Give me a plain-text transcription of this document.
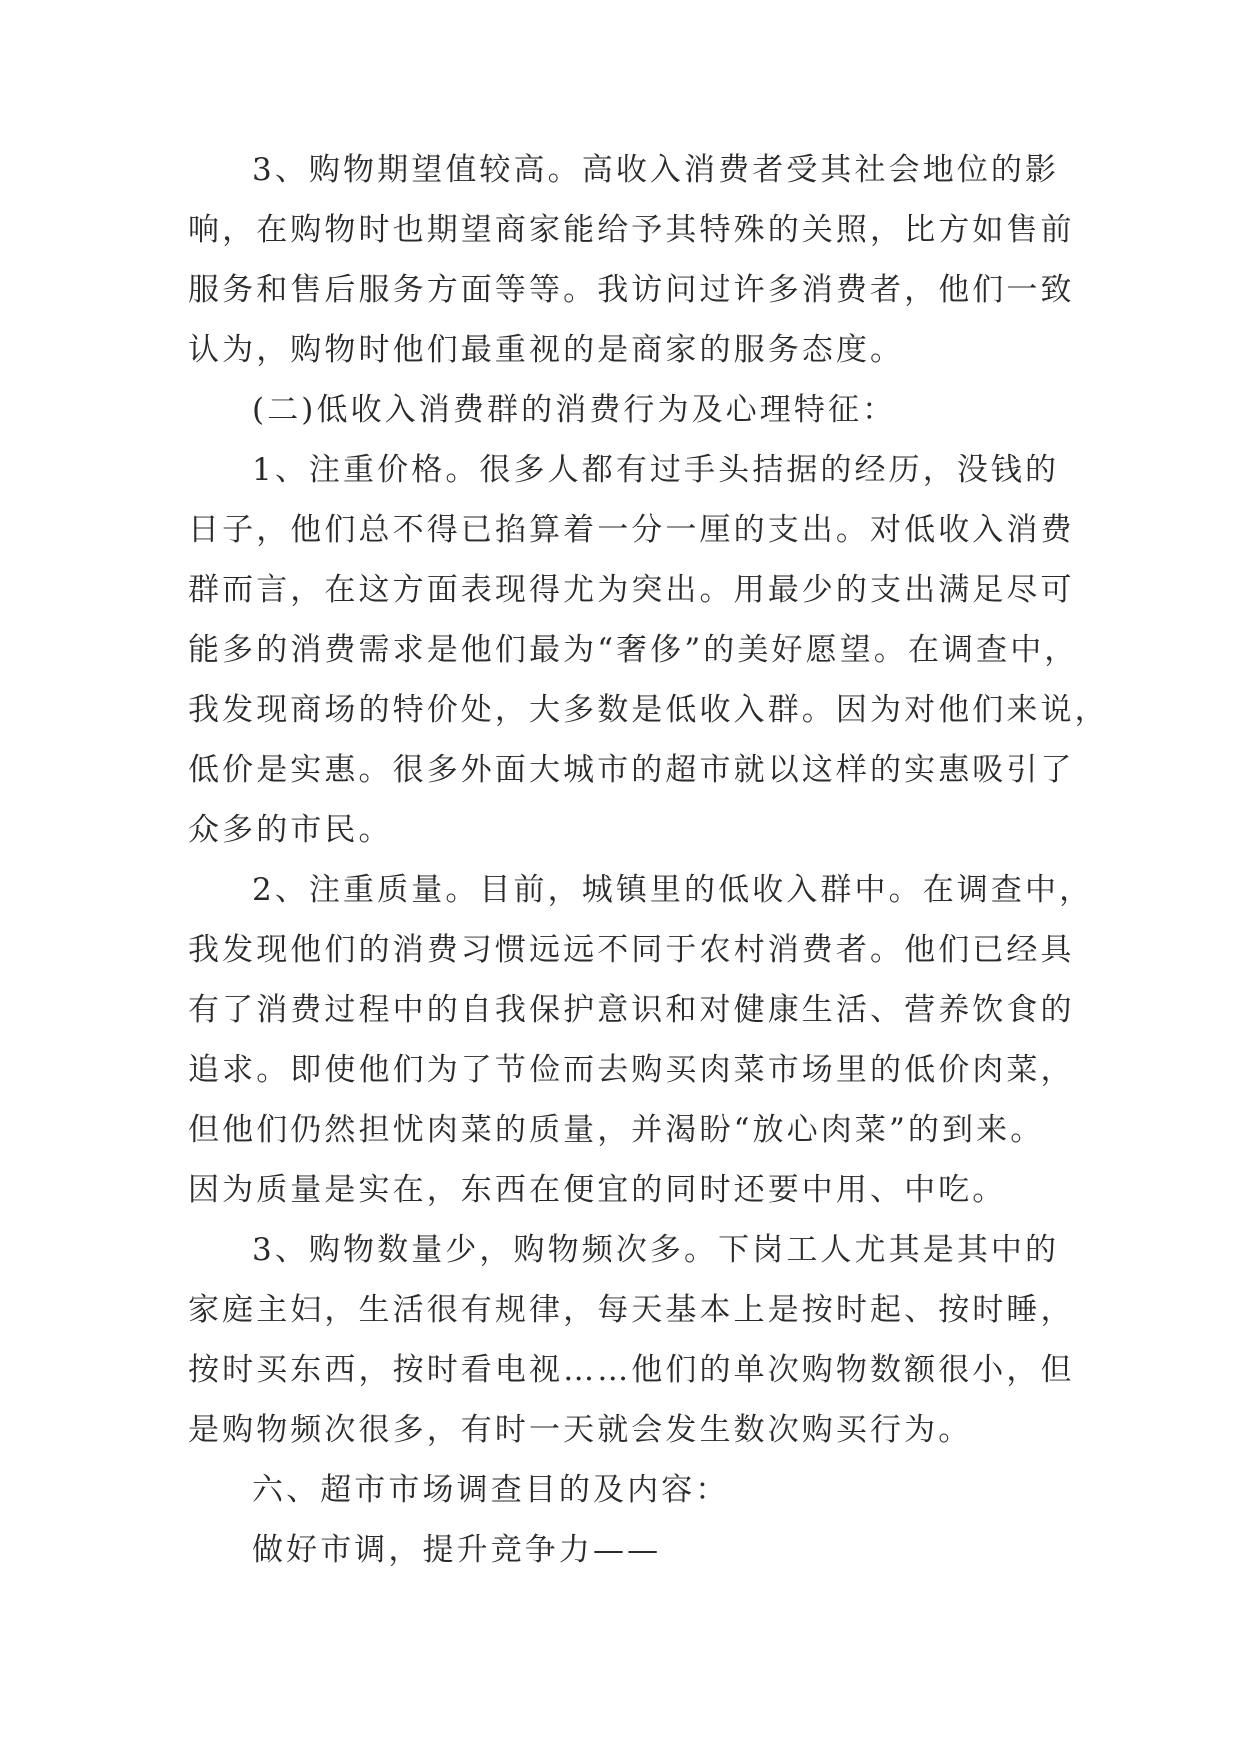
3、购物期望值较高。高收入消费者受其社会地位的影
响，在购物时也期望商家能给予其特殊的关照，比方如售前
服务和售后服务方面等等。我访问过许多消费者，他们一致
认为，购物时他们最重视的是商家的服务态度。
(二)低收入消费群的消费行为及心理特征：
1、注重价格。很多人都有过手头拮据的经历，没钱的
日子，他们总不得已掐算着一分一厘的支出。对低收入消费
群而言，在这方面表现得尤为突出。用最少的支出满足尽可
能多的消费需求是他们最为“奢侈”的美好愿望。在调查中，
我发现商场的特价处，大多数是低收入群。因为对他们来说，
低价是实惠。很多外面大城市的超市就以这样的实惠吸引了
众多的市民。
2、注重质量。目前，城镇里的低收入群中。在调查中，
我发现他们的消费习惯远远不同于农村消费者。他们已经具
有了消费过程中的自我保护意识和对健康生活、营养饮食的
追求。即使他们为了节俭而去购买肉菜市场里的低价肉菜，
但他们仍然担忧肉菜的质量，并渴盼“放心肉菜”的到来。
因为质量是实在，东西在便宜的同时还要中用、中吃。
3、购物数量少，购物频次多。下岗工人尤其是其中的
家庭主妇，生活很有规律，每天基本上是按时起、按时睡，
按时买东西，按时看电视……他们的单次购物数额很小，但
是购物频次很多，有时一天就会发生数次购买行为。
六、超市市场调查目的及内容：
做好市调，提升竞争力——
